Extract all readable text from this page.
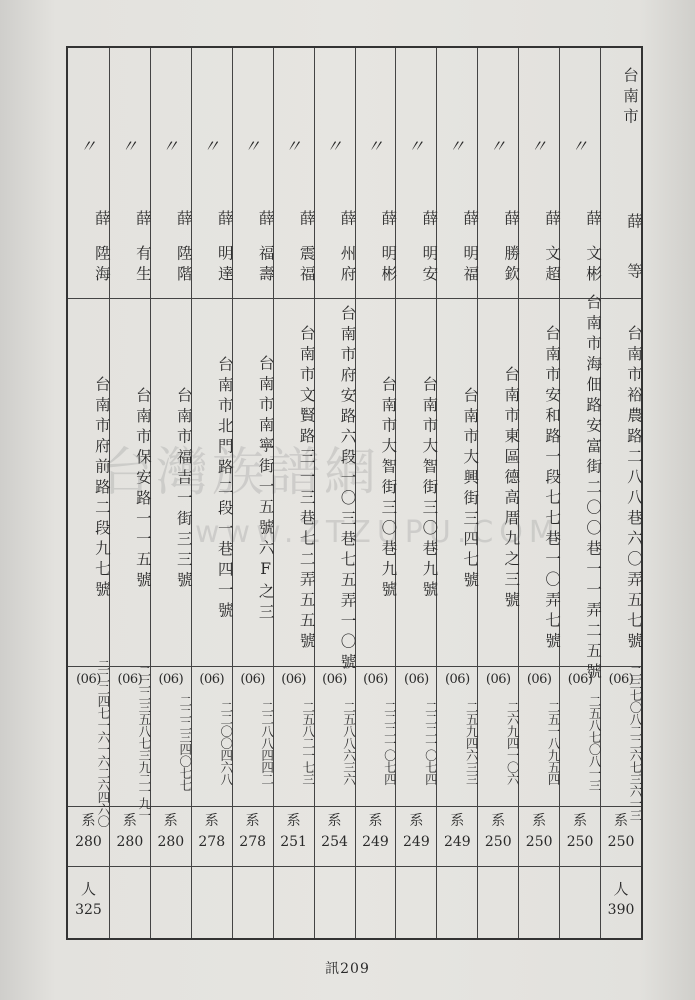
台灣族譜網
www.ZTZUPU.COM
台南市
薛
等
台南市裕農路二八八巷六〇弄五七號
(06)
二三七〇八二二六七三六一三
系
250
人
390
〃
薛
文彬
台南市海佃路安富街二〇〇巷一一弄二五號
(06)
二五八七〇八一三
系
250
〃
薛
文超
台南市安和路一段七七巷一〇弄七號
(06)
二五一八九五四
系
250
〃
薛
勝欽
台南市東區德高厝九之三號
(06)
二六九四一〇六
系
250
〃
薛
明福
台南市大興街三四七號
(06)
二五九四六三三
系
249
〃
薛
明安
台南市大智街三〇巷九號
(06)
二二二一〇七四
系
249
〃
薛
明彬
台南市大智街三〇巷九號
(06)
二二二一〇七四
系
249
〃
薛
州府
台南市府安路六段一〇三巷七五弄一〇號
(06)
二五八八六三六
系
254
〃
薛
震福
台南市文賢路三一三巷七二弄五五號
(06)
二五八二一七三
系
251
〃
薛
福壽
台南市南寧街一五號六F之三
(06)
二二八八四四二
系
278
〃
薛
明達
台南市北門路二段一巷四一號
(06)
二二〇〇四六八
系
278
〃
薛
陞階
台南市福吉一街三三號
(06)
二二二三四〇七七
系
280
〃
薛
有生
台南市保安路一一五號
(06)
二二二三五八七三九二一九一
系
280
〃
薛
陞海
台南市府前路二段九七號
(06)
二二二四七一六一六二六四六〇
系
280
人
325
訊209
